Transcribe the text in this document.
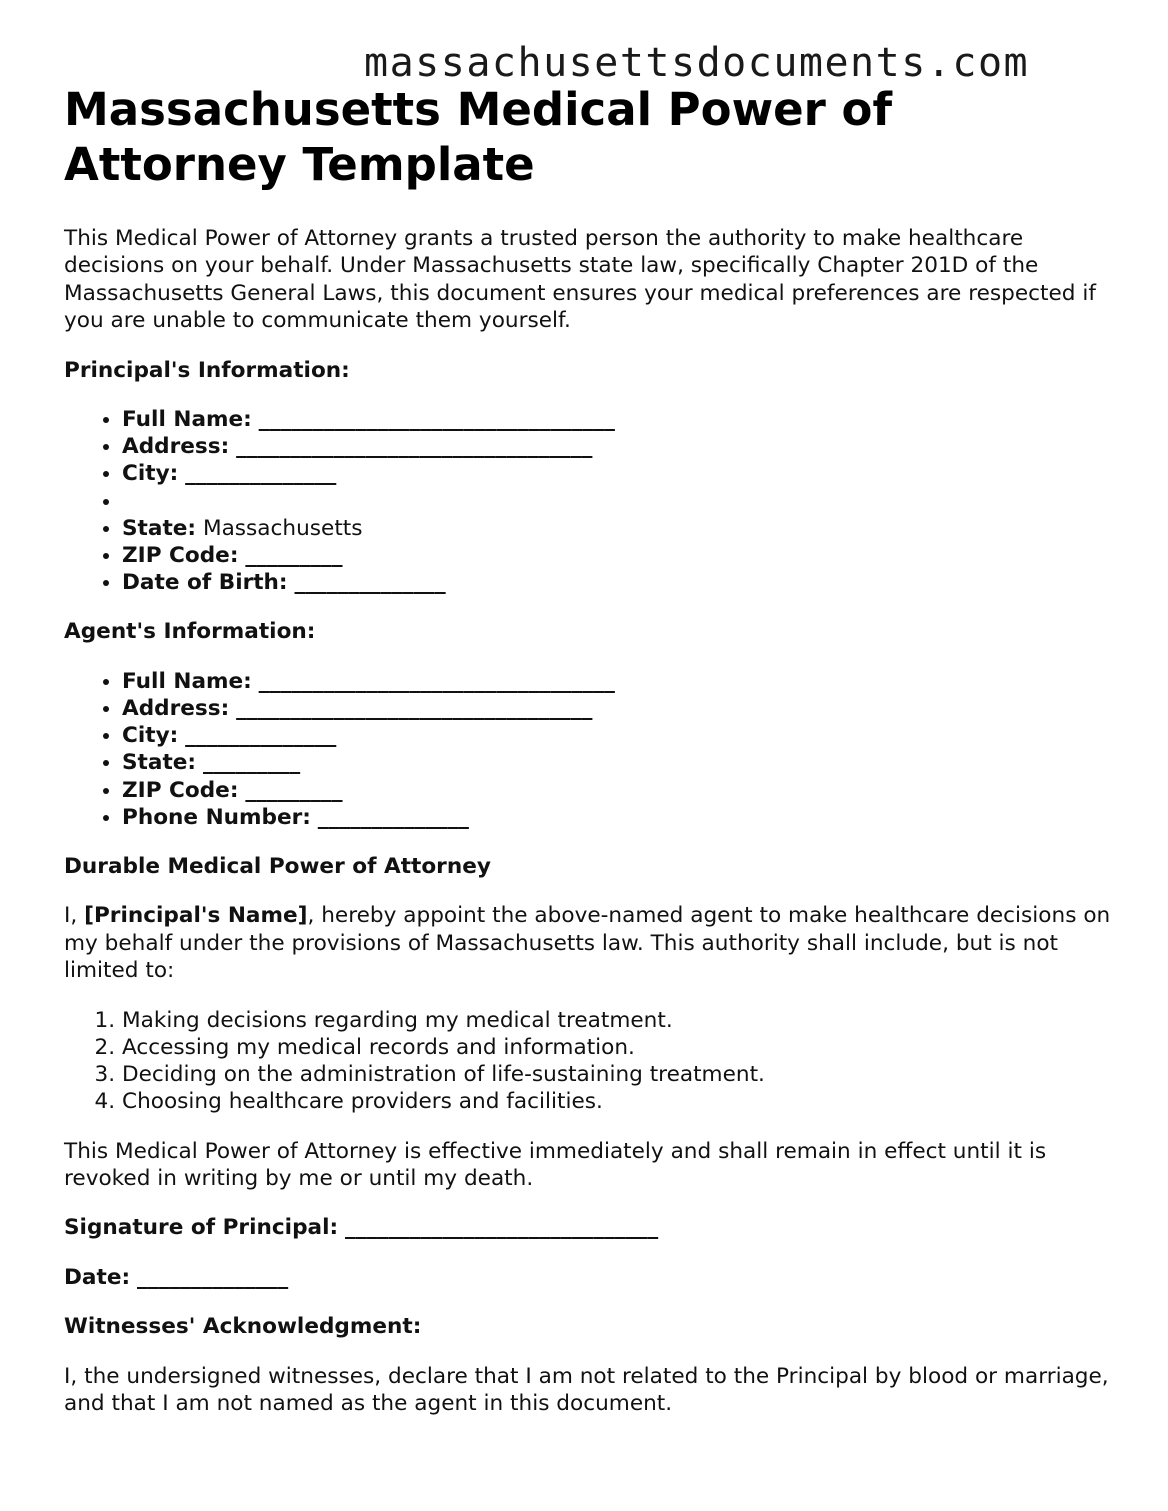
massachusettsdocuments.com
Massachusetts Medical Power of Attorney Template

This Medical Power of Attorney grants a trusted person the authority to make healthcare decisions on your behalf. Under Massachusetts state law, specifically Chapter 201D of the Massachusetts General Laws, this document ensures your medical preferences are respected if you are unable to communicate them yourself.

Principal's Information:

• Full Name: _________________________________
• Address: _________________________________
• City: ______________
•
• State: Massachusetts
• ZIP Code: _________
• Date of Birth: ______________

Agent's Information:

• Full Name: _________________________________
• Address: _________________________________
• City: ______________
• State: _________
• ZIP Code: _________
• Phone Number: ______________

Durable Medical Power of Attorney

I, [Principal's Name], hereby appoint the above-named agent to make healthcare decisions on my behalf under the provisions of Massachusetts law. This authority shall include, but is not limited to:

1. Making decisions regarding my medical treatment.
2. Accessing my medical records and information.
3. Deciding on the administration of life-sustaining treatment.
4. Choosing healthcare providers and facilities.

This Medical Power of Attorney is effective immediately and shall remain in effect until it is revoked in writing by me or until my death.

Signature of Principal: _____________________________

Date: ______________

Witnesses' Acknowledgment:

I, the undersigned witnesses, declare that I am not related to the Principal by blood or marriage, and that I am not named as the agent in this document.
